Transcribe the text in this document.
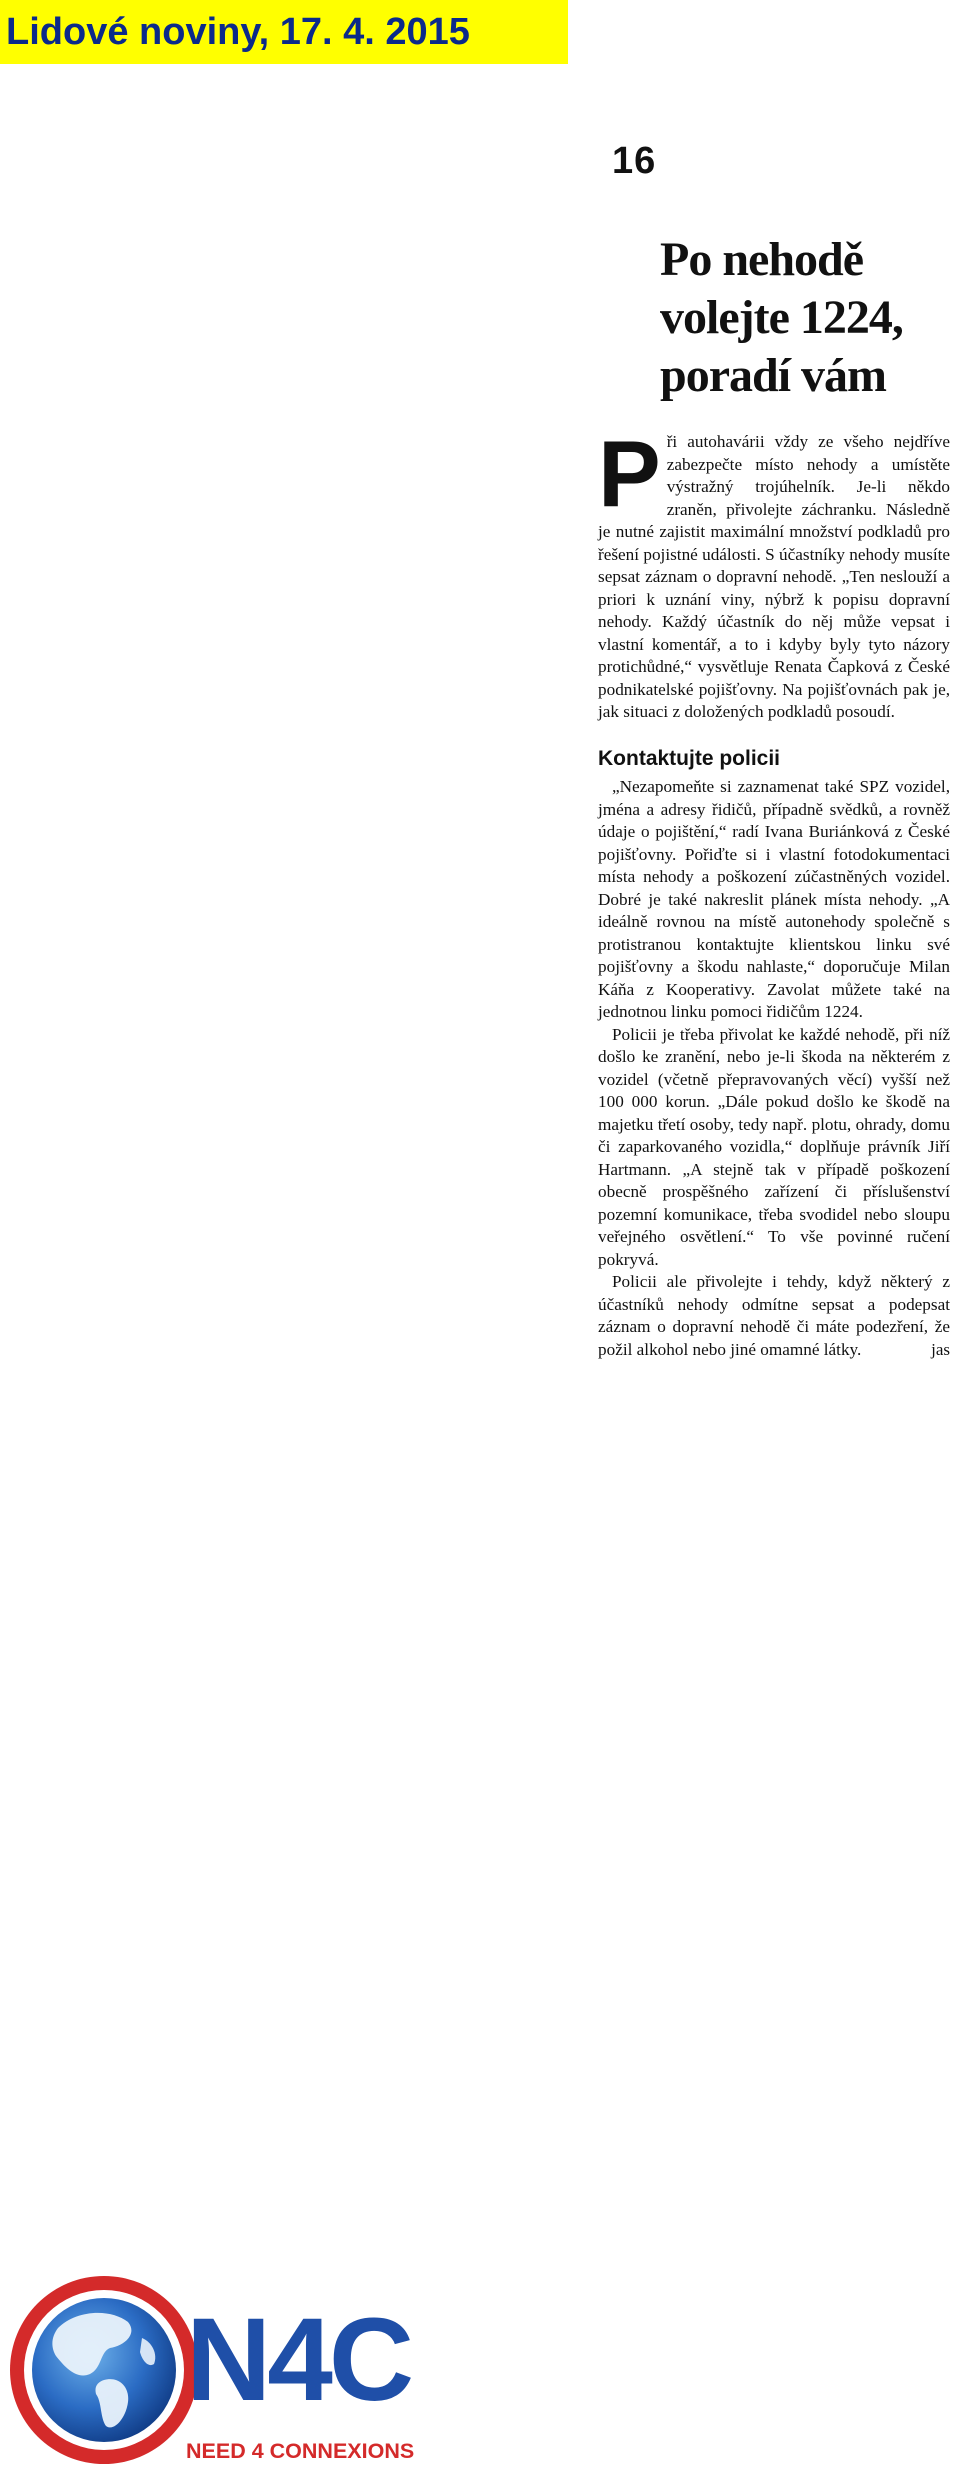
Lidové noviny, 17. 4. 2015
16
Po nehodě
volejte 1224,
poradí vám

Při autohavárii vždy ze všeho nejdříve zabezpečte místo nehody a umístěte výstražný trojúhelník. Je-li někdo zraněn, přivolejte záchranku. Následně je nutné zajistit maximální množství podkladů pro řešení pojistné události. S účastníky nehody musíte sepsat záznam o dopravní nehodě. „Ten neslouží a priori k uznání viny, nýbrž k popisu dopravní nehody. Každý účastník do něj může vepsat i vlastní komentář, a to i kdyby byly tyto názory protichůdné,“ vysvětluje Renata Čapková z České podnikatelské pojišťovny. Na pojišťovnách pak je, jak situaci z doložených podkladů posoudí.

Kontaktujte policii

„Nezapomeňte si zaznamenat také SPZ vozidel, jména a adresy řidičů, případně svědků, a rovněž údaje o pojištění,“ radí Ivana Buriánková z České pojišťovny. Pořiďte si i vlastní fotodokumentaci místa nehody a poškození zúčastněných vozidel. Dobré je také nakreslit plánek místa nehody. „A ideálně rovnou na místě autonehody společně s protistranou kontaktujte klientskou linku své pojišťovny a škodu nahlaste,“ doporučuje Milan Káňa z Kooperativy. Zavolat můžete také na jednotnou linku pomoci řidičům 1224.

Policii je třeba přivolat ke každé nehodě, při níž došlo ke zranění, nebo je-li škoda na některém z vozidel (včetně přepravovaných věcí) vyšší než 100 000 korun. „Dále pokud došlo ke škodě na majetku třetí osoby, tedy např. plotu, ohrady, domu či zaparkovaného vozidla,“ doplňuje právník Jiří Hartmann. „A stejně tak v případě poškození obecně prospěšného zařízení či příslušenství pozemní komunikace, třeba svodidel nebo sloupu veřejného osvětlení.“ To vše povinné ručení pokryvá.

Policii ale přivolejte i tehdy, když některý z účastníků nehody odmítne sepsat a podepsat záznam o dopravní nehodě či máte podezření, že požil alkohol nebo jiné omamné látky.	jas
N4C
NEED 4 CONNEXIONS
